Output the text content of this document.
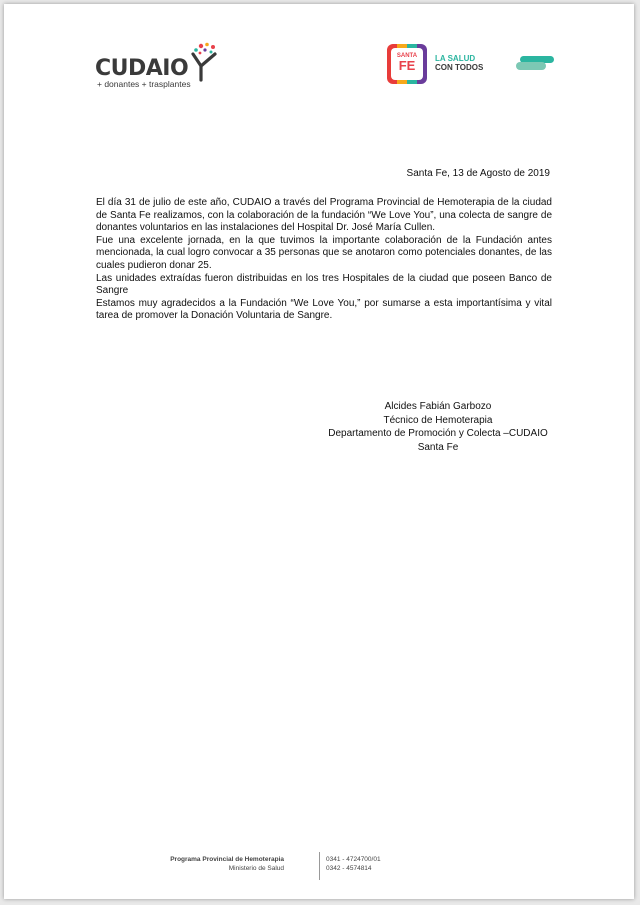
CUDAIO
+ donantes + trasplantes
SANTA
FE	LA SALUD
CON TODOS
Santa Fe, 13 de Agosto de 2019

El día 31 de julio de este año, CUDAIO a través del Programa Provincial de Hemoterapia de la ciudad de Santa Fe realizamos, con la colaboración de la fundación “We Love You”, una colecta de sangre de donantes voluntarios en las instalaciones del Hospital Dr. José María Cullen.

Fue una excelente jornada, en la que tuvimos la importante colaboración de la Fundación antes mencionada, la cual logro convocar a 35 personas que se anotaron como potenciales donantes, de las cuales pudieron donar 25.

Las unidades extraídas fueron distribuidas en los tres Hospitales de la ciudad que poseen Banco de Sangre

Estamos muy agradecidos a la Fundación “We Love You,” por sumarse a esta importantísima y vital tarea de promover la Donación Voluntaria de Sangre.

Alcides Fabián Garbozo
Técnico de Hemoterapia
Departamento de Promoción y Colecta –CUDAIO
Santa Fe
Programa Provincial de Hemoterapia
Ministerio de Salud
0341 - 4724700/01
0342 - 4574814
